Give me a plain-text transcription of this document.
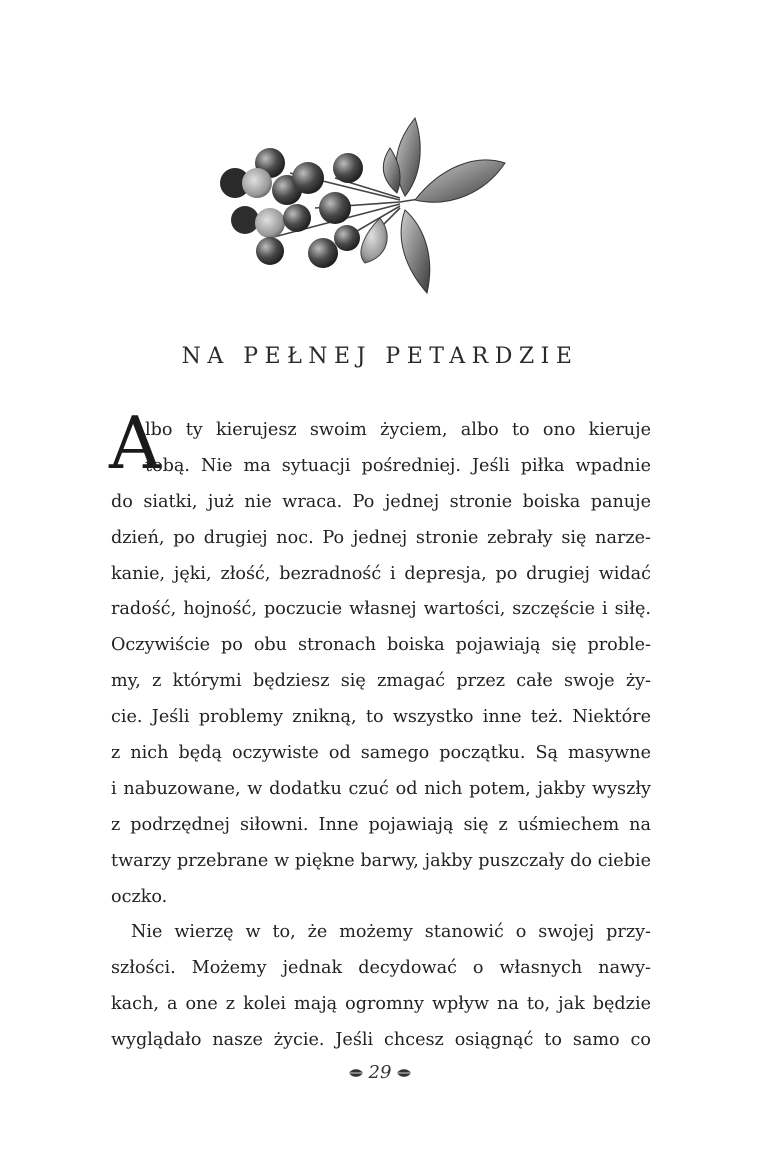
NA PEŁNEJ PETARDZIE
A
lbo ty kierujesz swoim życiem, albo to ono kieruje
tobą. Nie ma sytuacji pośredniej. Jeśli piłka wpadnie
do siatki, już nie wraca. Po jednej stronie boiska panuje
dzień, po drugiej noc. Po jednej stronie zebrały się narze-
kanie, jęki, złość, bezradność i depresja, po drugiej widać
radość, hojność, poczucie własnej wartości, szczęście i siłę.
Oczywiście po obu stronach boiska pojawiają się proble-
my, z którymi będziesz się zmagać przez całe swoje ży-
cie. Jeśli problemy znikną, to wszystko inne też. Niektóre
z nich będą oczywiste od samego początku. Są masywne
i nabuzowane, w dodatku czuć od nich potem, jakby wyszły
z podrzędnej siłowni. Inne pojawiają się z uśmiechem na
twarzy przebrane w piękne barwy, jakby puszczały do ciebie
oczko.
Nie wierzę w to, że możemy stanowić o swojej przy-
szłości. Możemy jednak decydować o własnych nawy-
kach, a one z kolei mają ogromny wpływ na to, jak będzie
wyglądało nasze życie. Jeśli chcesz osiągnąć to samo co
29
